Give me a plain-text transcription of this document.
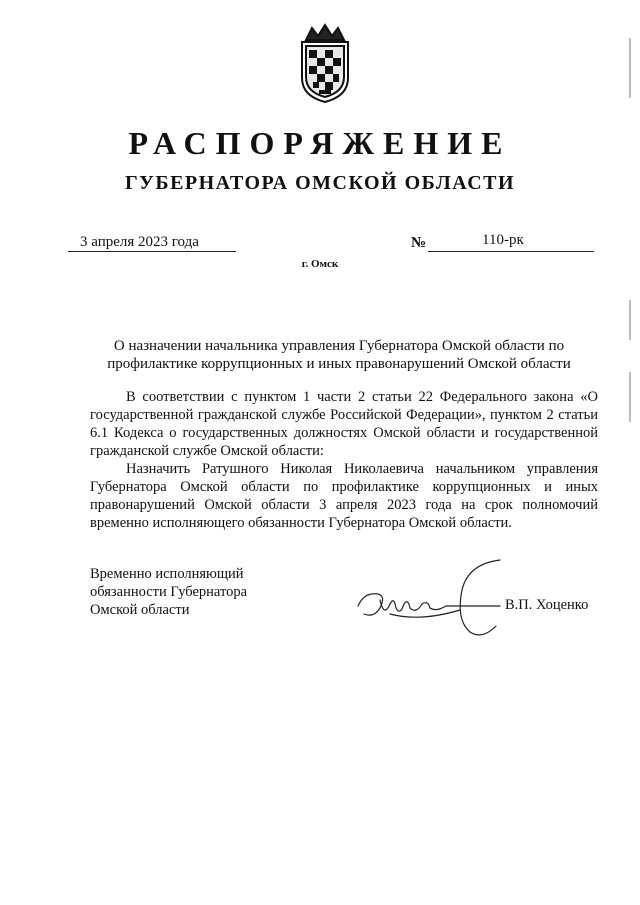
РАСПОРЯЖЕНИЕ
ГУБЕРНАТОРА ОМСКОЙ ОБЛАСТИ
3 апреля 2023 года	№	110-рк
г. Омск
О назначении начальника управления Губернатора Омской области по профилактике коррупционных и иных правонарушений Омской области

В соответствии с пунктом 1 части 2 статьи 22 Федерального закона «О государственной гражданской службе Российской Федерации», пунктом 2 статьи 6.1 Кодекса о государственных должностях Омской области и государственной гражданской службе Омской области:

Назначить Ратушного Николая Николаевича начальником управления Губернатора Омской области по профилактике коррупционных и иных правонарушений Омской области 3 апреля 2023 года на срок полномочий временно исполняющего обязанности Губернатора Омской области.

Временно исполняющий
обязанности Губернатора
Омской области	В.П. Хоценко
